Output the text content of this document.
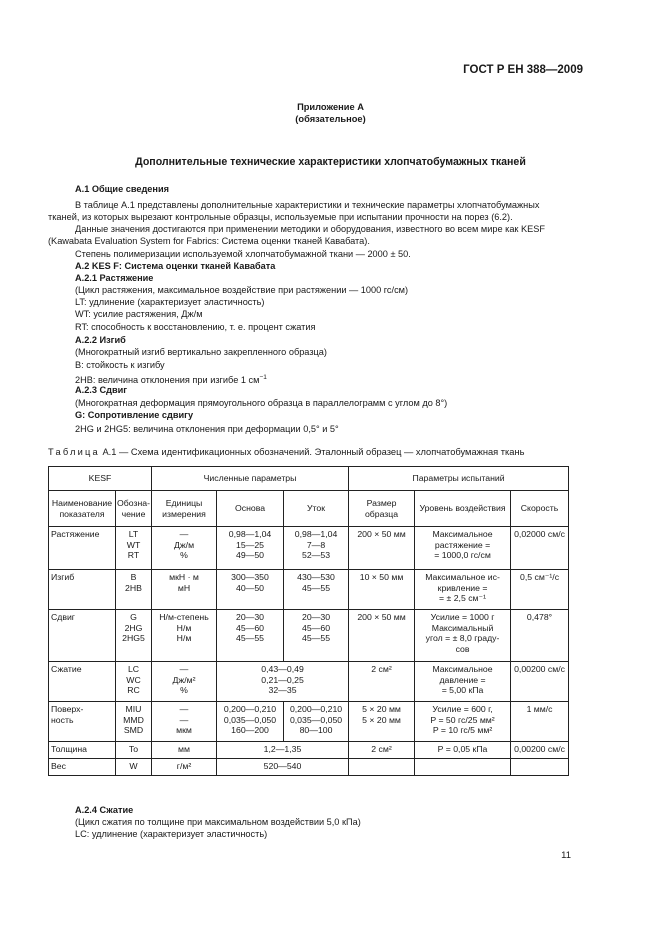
ГОСТ Р ЕН 388—2009
Приложение А
(обязательное)
Дополнительные технические характеристики хлопчатобумажных тканей
А.1 Общие сведения
В таблице А.1 представлены дополнительные характеристики и технические параметры хлопчатобумажных
тканей, из которых вырезают контрольные образцы, используемые при испытании прочности на порез (6.2).
Данные значения достигаются при применении методики и оборудования, известного во всем мире как KESF
(Kawabata Evaluation System for Fabrics: Система оценки тканей Кавабата).
Степень полимеризации используемой хлопчатобумажной ткани — 2000 ± 50.
А.2 KES F: Система оценки тканей Кавабата
А.2.1 Растяжение
(Цикл растяжения, максимальное воздействие при растяжении — 1000 гс/см)
LT: удлинение (характеризует эластичность)
WT: усилие растяжения, Дж/м
RT: способность к восстановлению, т. е. процент сжатия
А.2.2 Изгиб
(Многократный изгиб вертикально закрепленного образца)
B: стойкость к изгибу
2HB: величина отклонения при изгибе 1 $см^{-1}$
А.2.3 Сдвиг
(Многократная деформация прямоугольного образца в параллелограмм с углом до 8°)
G: Сопротивление сдвигу
2HG и 2HG5: величина отклонения при деформации 0,5° и 5°
Таблица А.1 — Схема идентификационных обозначений. Эталонный образец — хлопчатобумажная ткань
KESF		Численные параметры			Параметры испытаний		
Наименование показателя	Обозна-чение	Единицы измерения	Основа	Уток	Размер образца	Уровень воздействия	Скорость
Растяжение	LT
WT
RT	—
Дж/м
%	0,98—1,04
15—25
49—50	0,98—1,04
7—8
52—53	200 × 50 мм	Максимальное
растяжение =
= 1000,0 гс/см	0,02000 см/с
Изгиб	B
2HB	мкН · м
мН	300—350
40—50	430—530
45—55	10 × 50 мм	Максимальное ис-
кривление =
= ± 2,5 см⁻¹	0,5 см⁻¹/с
Сдвиг	G
2HG
2HG5	Н/м-степень
Н/м
Н/м	20—30
45—60
45—55	20—30
45—60
45—55	200 × 50 мм	Усилие = 1000 г
Максимальный
угол = ± 8,0 граду-
сов	0,478°
Сжатие	LC
WC
RC	—
Дж/м²
%	0,43—0,49
0,21—0,25
32—35		2 см²	Максимальное
давление =
= 5,00 кПа	0,00200 см/с
Поверх-
ность	MIU
MMD
SMD	—
—
мкм	0,200—0,210
0,035—0,050
160—200	0,200—0,210
0,035—0,050
80—100	5 × 20 мм
5 × 20 мм	Усилие = 600 г,
P = 50 гс/25 мм²
P = 10 гс/5 мм²	1 мм/с
Толщина	To	мм	1,2—1,35		2 см²	P = 0,05 кПа	0,00200 см/с
Вес	W	г/м²	520—540				
А.2.4 Сжатие
(Цикл сжатия по толщине при максимальном воздействии 5,0 кПа)
LC: удлинение (характеризует эластичность)
11
